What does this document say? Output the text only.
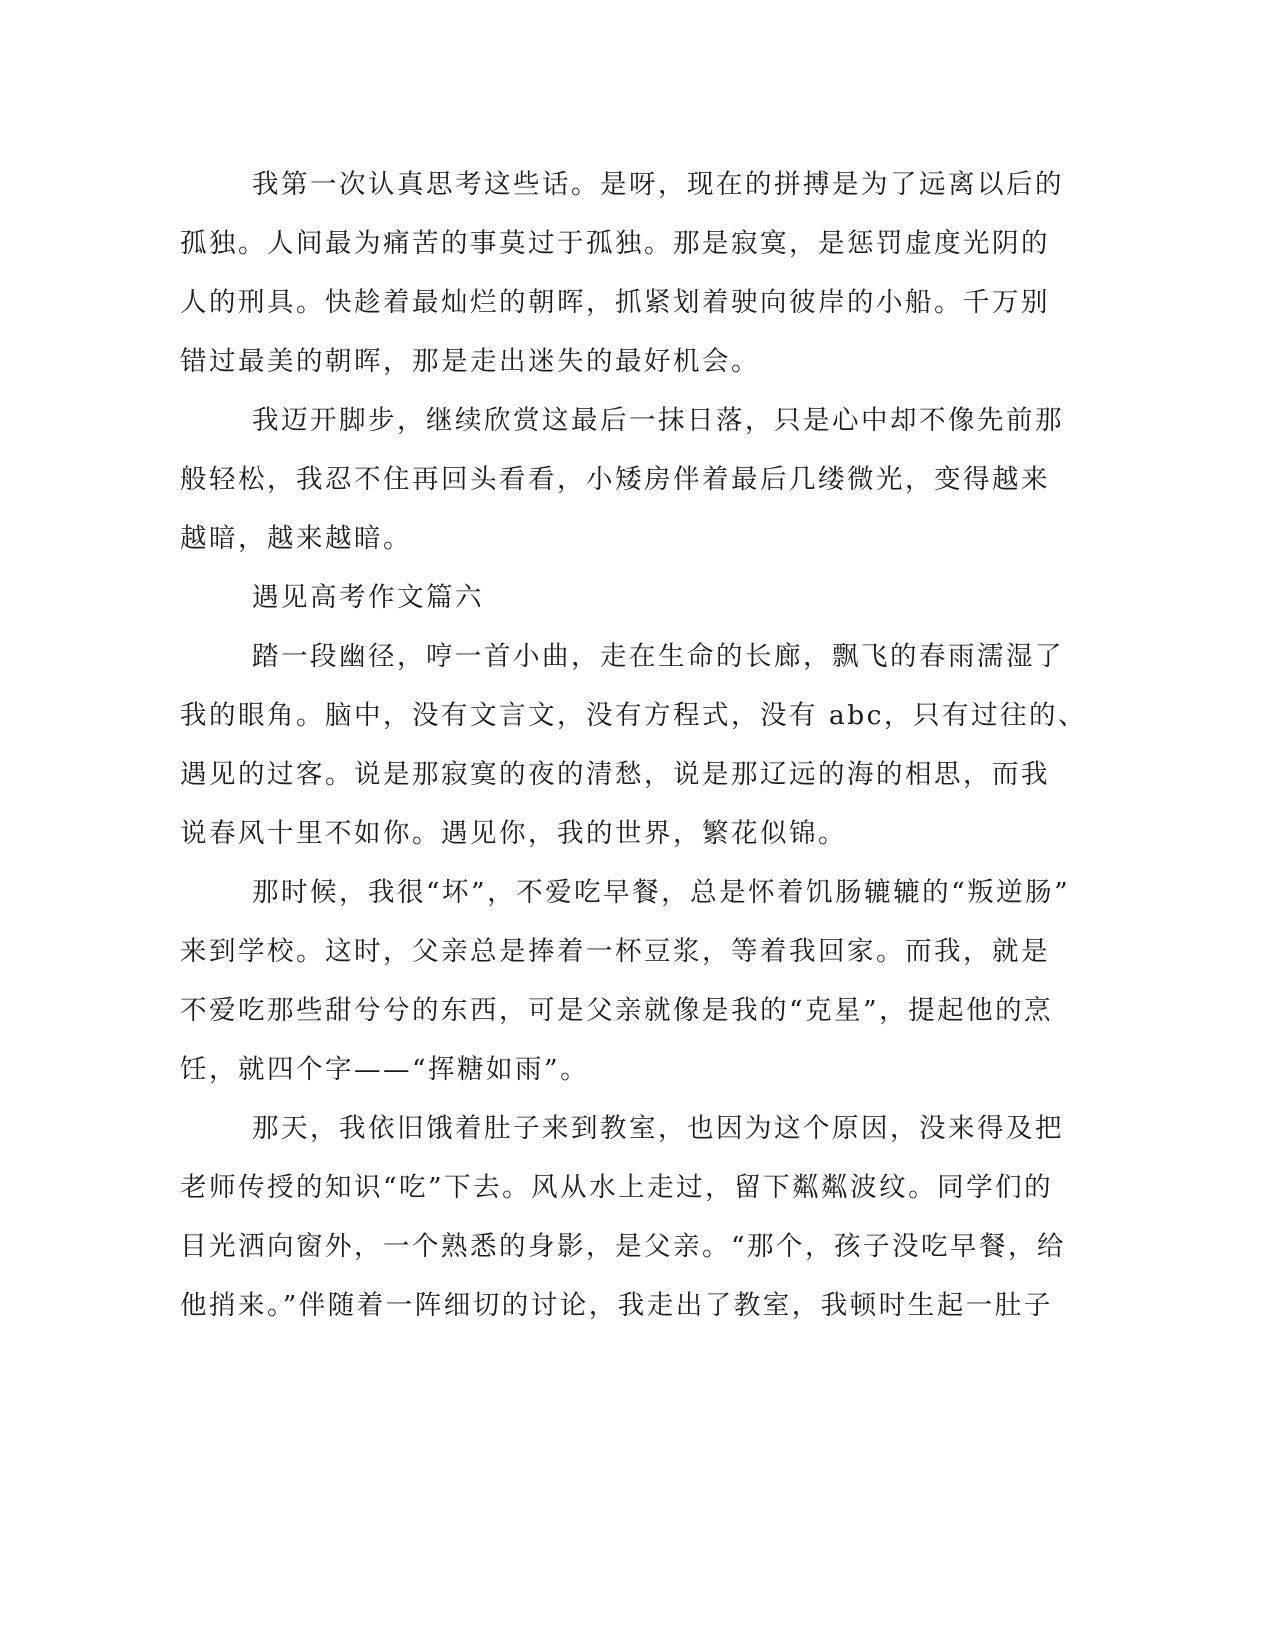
我第一次认真思考这些话。是呀，现在的拼搏是为了远离以后的
孤独。人间最为痛苦的事莫过于孤独。那是寂寞，是惩罚虚度光阴的
人的刑具。快趁着最灿烂的朝晖，抓紧划着驶向彼岸的小船。千万别
错过最美的朝晖，那是走出迷失的最好机会。
我迈开脚步，继续欣赏这最后一抹日落，只是心中却不像先前那
般轻松，我忍不住再回头看看，小矮房伴着最后几缕微光，变得越来
越暗，越来越暗。
遇见高考作文篇六
踏一段幽径，哼一首小曲，走在生命的长廊，飘飞的春雨濡湿了
我的眼角。脑中，没有文言文，没有方程式，没有 abc，只有过往的、
遇见的过客。说是那寂寞的夜的清愁，说是那辽远的海的相思，而我
说春风十里不如你。遇见你，我的世界，繁花似锦。
那时候，我很“坏”，不爱吃早餐，总是怀着饥肠辘辘的“叛逆肠”
来到学校。这时，父亲总是捧着一杯豆浆，等着我回家。而我，就是
不爱吃那些甜兮兮的东西，可是父亲就像是我的“克星”，提起他的烹
饪，就四个字——“挥糖如雨”。
那天，我依旧饿着肚子来到教室，也因为这个原因，没来得及把
老师传授的知识“吃”下去。风从水上走过，留下粼粼波纹。同学们的
目光洒向窗外，一个熟悉的身影，是父亲。“那个，孩子没吃早餐，给
他捎来。”伴随着一阵细切的讨论，我走出了教室，我顿时生起一肚子
